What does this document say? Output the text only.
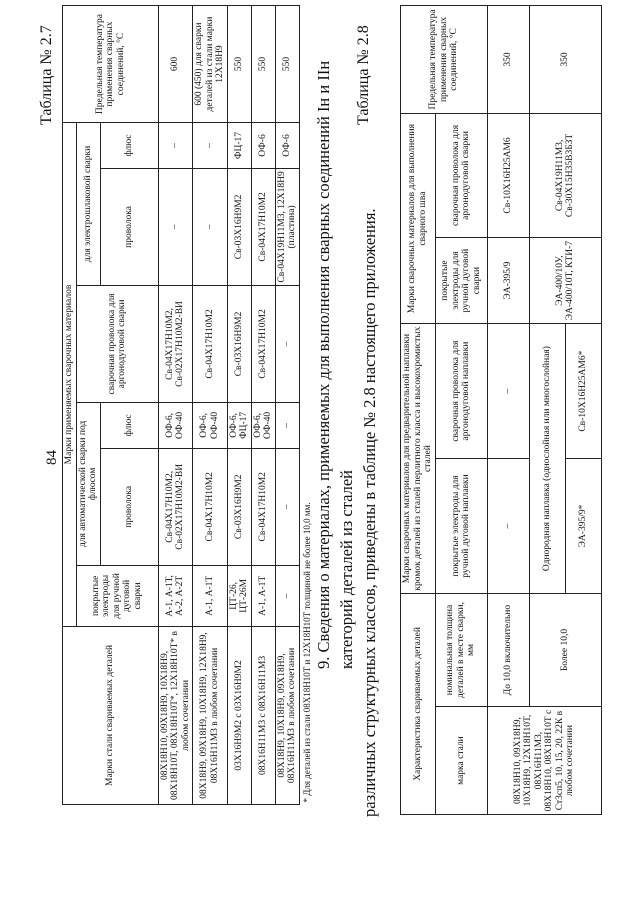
84
Таблица № 2.7
Марки стали свариваемых деталей	Марки применяемых сварочных материалов						Предельная температура применения сварных соединений, °С
	покрытые электроды для ручной дуговой сварки	для автоматической сварки под флюсом		сварочная проволока для аргонодуговой сварки	для электрошлаковой сварки		
		проволока	флюс		проволока	флюс	
08Х18Н10, 09Х18Н9, 10Х18Н9, 08Х18Н10Т, 08Х18Н10Т*, 12Х18Н10Т* в любом сочетании	А-1, А-1Т, А-2, А-2Т	Св-04Х17Н10М2, Св-02Х17Н10М2-ВИ	ОФ-6, ОФ-40	Св-04Х17Н10М2, Св-02Х17Н10М2-ВИ	–	–	600
08Х18Н9, 09Х18Н9, 10Х18Н9, 12Х18Н9, 08Х16Н11М3 в любом сочетании	А-1, А-1Т	Св-04Х17Н10М2	ОФ-6, ОФ-40	Св-04Х17Н10М2	–	–	600 (450) для сварки деталей из стали марки 12Х18Н9
03Х16Н9М2 с 03Х16Н9М2	ЦТ-26, ЦТ-26М	Св-03Х16Н9М2	ОФ-6, ФЦ-17	Св-03Х16Н9М2	Св-03Х16Н9М2	ФЦ-17	550
08Х16Н11М3 с 08Х16Н11М3	А-1, А-1Т	Св-04Х17Н10М2	ОФ-6, ОФ-40	Св-04Х17Н10М2	Св-04Х17Н10М2	ОФ-6	550
08Х18Н9, 10Х18Н9, 09Х18Н9, 08Х16Н11М3 в любом сочетании	–	–	–	–	Св-04Х19Н11М3, 12Х18Н9 (пластина)	ОФ-6	550
* Для деталей из стали 08Х18Н10Т и 12Х18Н10Т толщиной не более 10,0 мм.							9. Сведения о материалах, применяемых для выполнения сварных соединений Iн и IIн категорий деталей из сталей различных структурных классов, приведены в таблице № 2.8 настоящего приложения.
Таблица № 2.8
Характеристика свариваемых деталей		Марки сварочных материалов для предварительной наплавки кромок деталей из сталей перлитного класса и высокохромистых сталей		Марки сварочных материалов для выполнения сварного шва		Предельная температура применения сварных соединений, °С
марка стали	номинальная толщина деталей в месте сварки, мм	покрытые электроды для ручной дуговой наплавки	сварочная проволока для аргонодуговой наплавки	покрытые электроды для ручной дуговой сварки	сварочная проволока для аргонодуговой сварки	
08Х18Н10, 09Х18Н9, 10Х18Н9, 12Х18Н10Т, 08Х16Н11М3, 08Х18Н10, 08Х18Н10Т с Ст3сп5, 10, 15, 20, 22К в любом сочетании	До 10,0 включительно	–	–	ЭА-395/9	Св-10Х16Н25АМ6	350
	Более 10,0	Однородная наплавка (однослойная или многослойная)		ЭА-400/10У, ЭА-400/10Т, КТИ-7	Св-04Х19Н11М3, Св-30Х15Н35В3БЗТ	350
		ЭА-395/9*	Св-10Х16Н25АМ6*			
